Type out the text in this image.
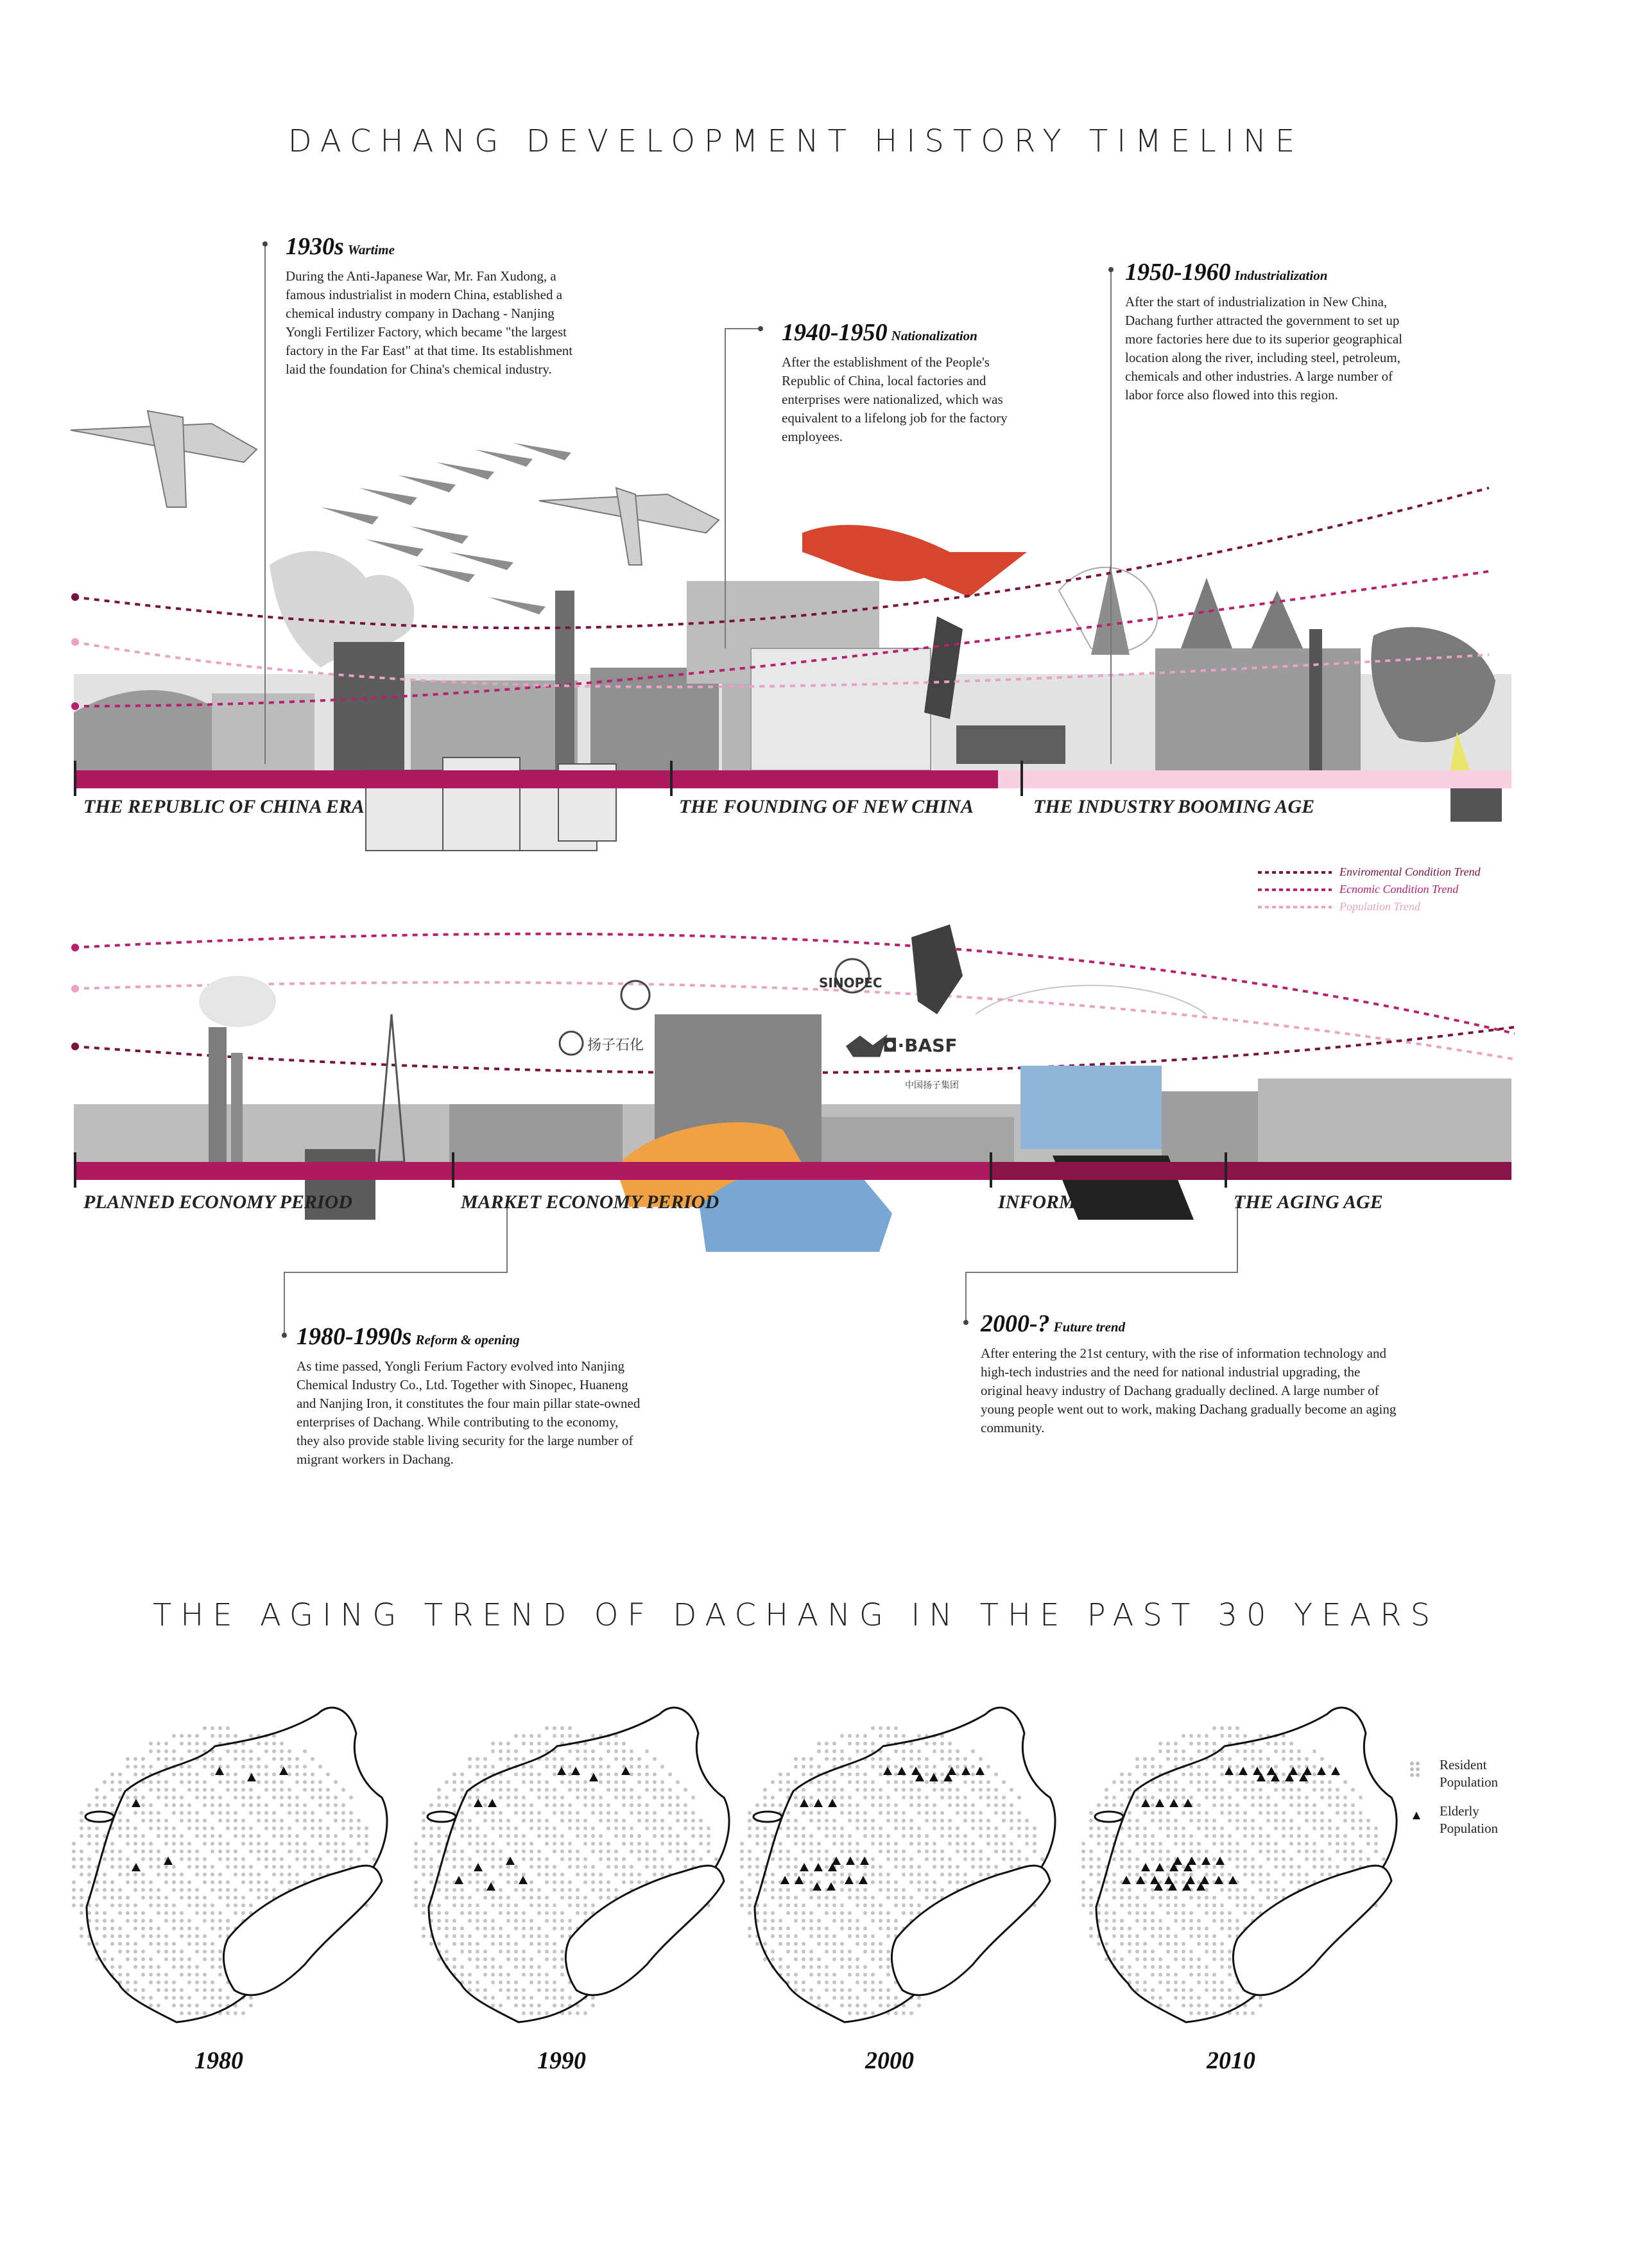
DACHANG DEVELOPMENT HISTORY TIMELINE
THE REPUBLIC OF CHINA ERA	THE FOUNDING OF NEW CHINA	THE INDUSTRY BOOMING AGE
1930s Wartime
During the Anti-Japanese War, Mr. Fan Xudong, a famous industrialist in modern China, established a chemical industry company in Dachang - Nanjing Yongli Fertilizer Factory, which became "the largest factory in the Far East" at that time. Its establishment laid the foundation for China's chemical industry.
1940-1950 Nationalization
After the establishment of the People's Republic of China, local factories and enterprises were nationalized, which was equivalent to a lifelong job for the factory employees.
1950-1960 Industrialization
After the start of industrialization in New China, Dachang further attracted the government to set up more factories here due to its superior geographical location along the river, including steel, petroleum, chemicals and other industries. A large number of labor force also flowed into this region.
Enviromental Condition Trend
Ecnomic Condition Trend
Population Trend
◘·BASF
SINOPEC
扬子石化
中国扬子集团
PLANNED ECONOMY PERIOD	MARKET ECONOMY PERIOD	INFORMATION AGE	THE AGING AGE
1980-1990s Reform & opening
As time passed, Yongli Ferium Factory evolved into Nanjing Chemical Industry Co., Ltd. Together with Sinopec, Huaneng and Nanjing Iron, it constitutes the four main pillar state-owned enterprises of Dachang. While contributing to the economy, they also provide stable living security for the large number of migrant workers in Dachang.
2000-? Future trend
After entering the 21st century, with the rise of information technology and high-tech industries and the need for national industrial upgrading, the original heavy industry of Dachang gradually declined. A large number of young people went out to work, making Dachang gradually become an aging community.
THE AGING TREND OF DACHANG IN THE PAST 30 YEARS
1980	1990	2000	2010
Resident Population
Elderly Population
